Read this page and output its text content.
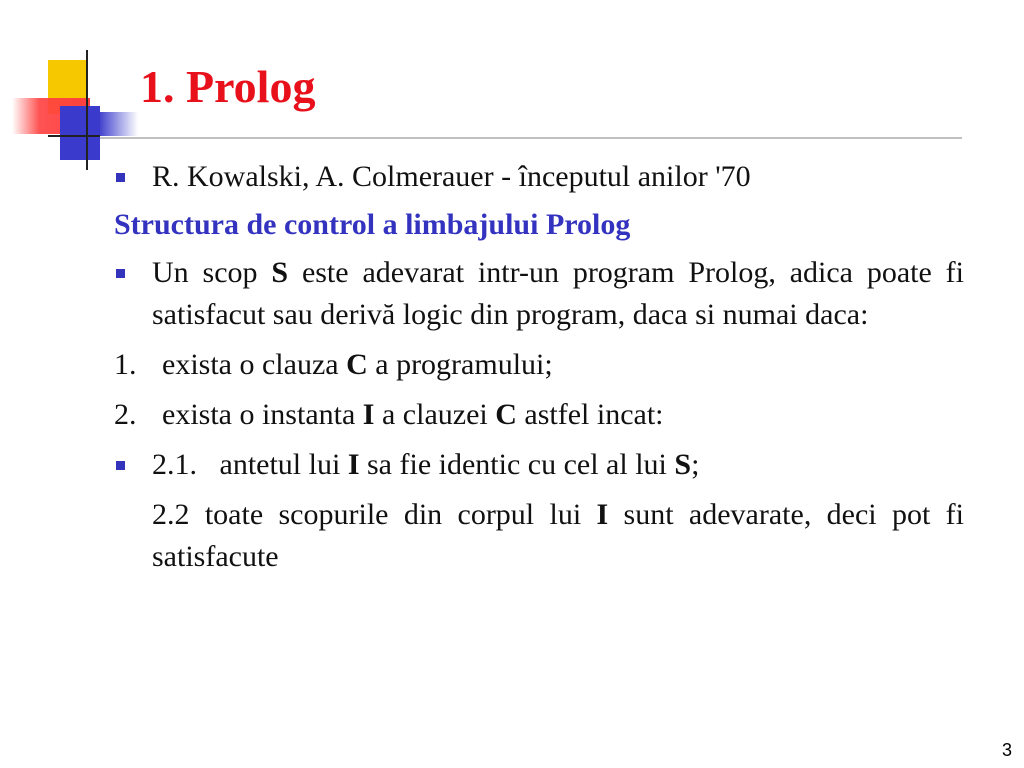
1. Prolog
R. Kowalski, A. Colmerauer - începutul anilor '70
Structura de control a limbajului Prolog
Un scop S este adevarat intr-un program Prolog, adica poate fi satisfacut sau derivă logic din program, daca si numai daca:
1. exista o clauza C a programului;
2. exista o instanta I a clauzei C astfel incat:
2.1.   antetul lui I sa fie identic cu cel al lui S;
2.2 toate scopurile din corpul lui I sunt adevarate, deci pot fi satisfacute
3
